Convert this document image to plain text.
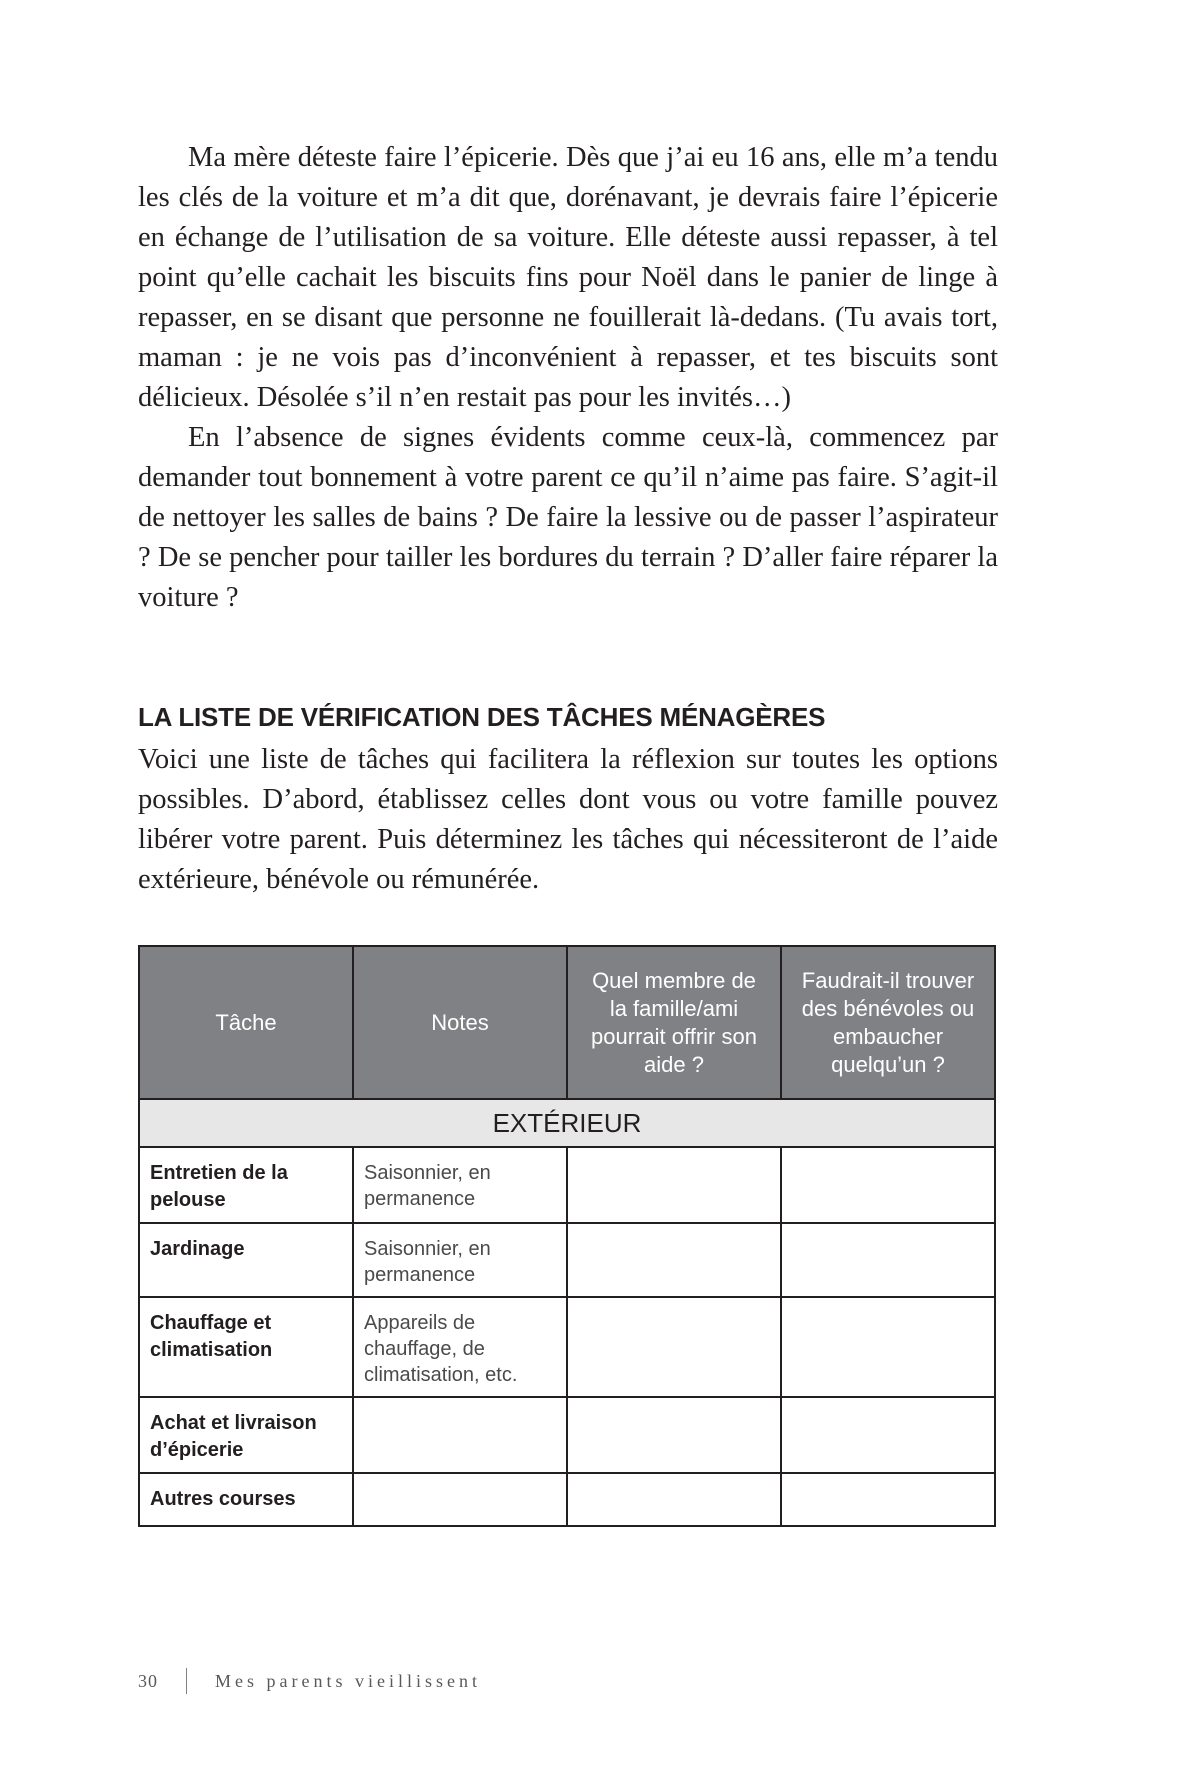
Ma mère déteste faire l’épicerie. Dès que j’ai eu 16 ans, elle m’a tendu les clés de la voiture et m’a dit que, dorénavant, je devrais faire l’épicerie en échange de l’utilisation de sa voiture. Elle déteste aussi repasser, à tel point qu’elle cachait les biscuits fins pour Noël dans le panier de linge à repasser, en se disant que personne ne fouillerait là-dedans. (Tu avais tort, maman : je ne vois pas d’inconvénient à repasser, et tes biscuits sont délicieux. Désolée s’il n’en restait pas pour les invités…)

En l’absence de signes évidents comme ceux-là, commencez par demander tout bonnement à votre parent ce qu’il n’aime pas faire. S’agit-il de nettoyer les salles de bains ? De faire la lessive ou de passer l’aspirateur ? De se pencher pour tailler les bordures du terrain ? D’aller faire réparer la voiture ?

LA LISTE DE VÉRIFICATION DES TÂCHES MÉNAGÈRES

Voici une liste de tâches qui facilitera la réflexion sur toutes les options possibles. D’abord, établissez celles dont vous ou votre famille pouvez libérer votre parent. Puis déterminez les tâches qui nécessiteront de l’aide extérieure, bénévole ou rémunérée.

Tâche	Notes	Quel membre de la famille/ami pourrait offrir son aide ?	Faudrait-il trouver des bénévoles ou embaucher quelqu’un ?
EXTÉRIEUR			
Entretien de la pelouse	Saisonnier, en permanence		
Jardinage	Saisonnier, en permanence		
Chauffage et climatisation	Appareils de chauffage, de climatisation, etc.		
Achat et livraison d’épicerie			
Autres courses			
30	Mes parents vieillissent
